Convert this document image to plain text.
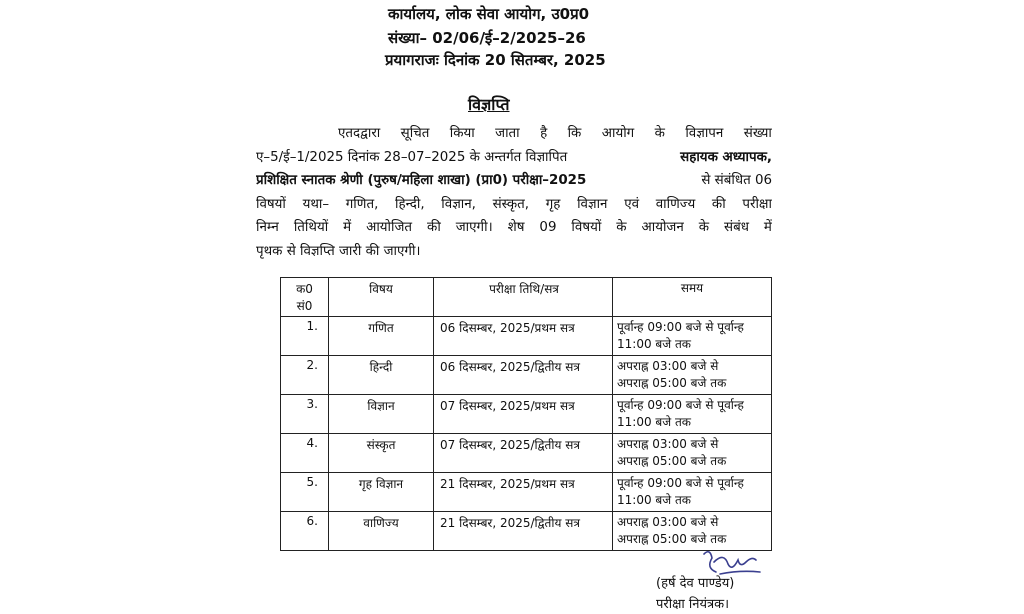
कार्यालय, लोक सेवा आयोग, उ0प्र0
संख्या– 02/06/ई–2/2025–26
प्रयागराजः दिनांक 20 सितम्बर, 2025
विज्ञप्ति
एतदद्वारा सूचित किया जाता है कि आयोग के विज्ञापन संख्या
ए–5/ई–1/2025 दिनांक 28–07–2025 के अन्तर्गत विज्ञापित	सहायक अध्यापक,
प्रशिक्षित स्नातक श्रेणी (पुरुष/महिला शाखा) (प्रा0) परीक्षा–2025	से संबंधित 06
विषयों यथा– गणित, हिन्दी, विज्ञान, संस्कृत, गृह विज्ञान एवं वाणिज्य की परीक्षा
निम्न तिथियों में आयोजित की जाएगी। शेष 09 विषयों के आयोजन के संबंध में
पृथक से विज्ञप्ति जारी की जाएगी।
क0
सं0	विषय	परीक्षा तिथि/सत्र	समय
1.	गणित	06 दिसम्बर, 2025/प्रथम सत्र	पूर्वान्ह 09:00 बजे से पूर्वान्ह
11:00 बजे तक

2.	हिन्दी	06 दिसम्बर, 2025/द्वितीय सत्र	अपराह्न 03:00 बजे से
अपराह्न 05:00 बजे तक

3.	विज्ञान	07 दिसम्बर, 2025/प्रथम सत्र	पूर्वान्ह 09:00 बजे से पूर्वान्ह
11:00 बजे तक

4.	संस्कृत	07 दिसम्बर, 2025/द्वितीय सत्र	अपराह्न 03:00 बजे से
अपराह्न 05:00 बजे तक

5.	गृह विज्ञान	21 दिसम्बर, 2025/प्रथम सत्र	पूर्वान्ह 09:00 बजे से पूर्वान्ह
11:00 बजे तक

6.	वाणिज्य	21 दिसम्बर, 2025/द्वितीय सत्र	अपराह्न 03:00 बजे से
अपराह्न 05:00 बजे तक
(हर्ष देव पाण्डेय)
परीक्षा नियंत्रक।
